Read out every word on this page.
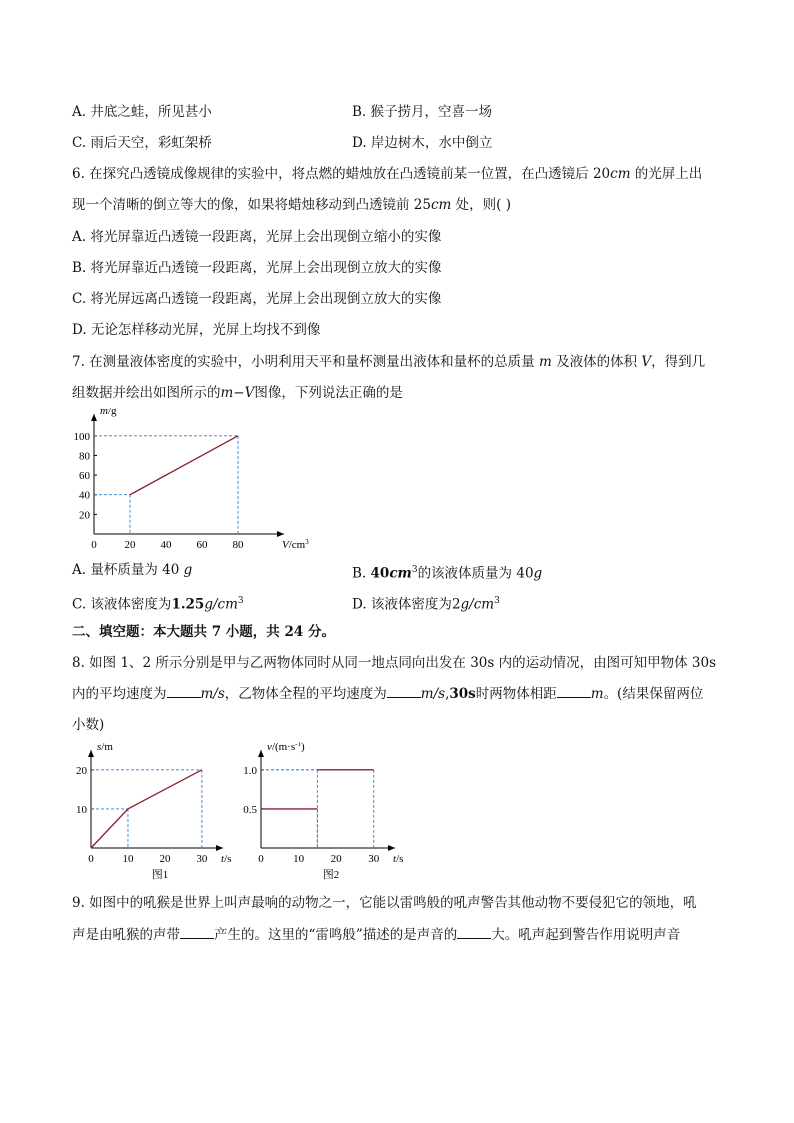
A. 井底之蛙，所见甚小	B. 猴子捞月，空喜一场
C. 雨后天空，彩虹架桥	D. 岸边树木，水中倒立
6. 在探究凸透镜成像规律的实验中，将点燃的蜡烛放在凸透镜前某一位置，在凸透镜后 20cm 的光屏上出
现一个清晰的倒立等大的像，如果将蜡烛移动到凸透镜前 25cm 处，则( )
A. 将光屏靠近凸透镜一段距离，光屏上会出现倒立缩小的实像
B. 将光屏靠近凸透镜一段距离，光屏上会出现倒立放大的实像
C. 将光屏远离凸透镜一段距离，光屏上会出现倒立放大的实像
D. 无论怎样移动光屏，光屏上均找不到像
7. 在测量液体密度的实验中，小明利用天平和量杯测量出液体和量杯的总质量 m 及液体的体积 V，得到几
组数据并绘出如图所示的m−V图像，下列说法正确的是
0	20 40 60 80
20
40
60
80
100
m/g
$V/cm^3$
A. 量杯质量为 40 g	B. $40cm^3$的该液体质量为 40g
C. 该液体密度为$1.25g/cm^3$	D. 该液体密度为$2g/cm^3$
二、填空题：本大题共 7 小题，共 24 分。
8. 如图 1、2 所示分别是甲与乙两物体同时从同一地点同向出发在 30s 内的运动情况，由图可知甲物体 30s
内的平均速度为	m/s，乙物体全程的平均速度为	m/s,30s时两物体相距	m。(结果保留两位
小数)
0	10 20 30
10
20
s/m
t/s
图1
0	10 20 30
0.5
1.0
$v/(m\cdot s^{-1})$
t/s
图2
9. 如图中的吼猴是世界上叫声最响的动物之一，它能以雷鸣般的吼声警告其他动物不要侵犯它的领地，吼
声是由吼猴的声带	产生的。这里的“雷鸣般”描述的是声音的	大。吼声起到警告作用说明声音
